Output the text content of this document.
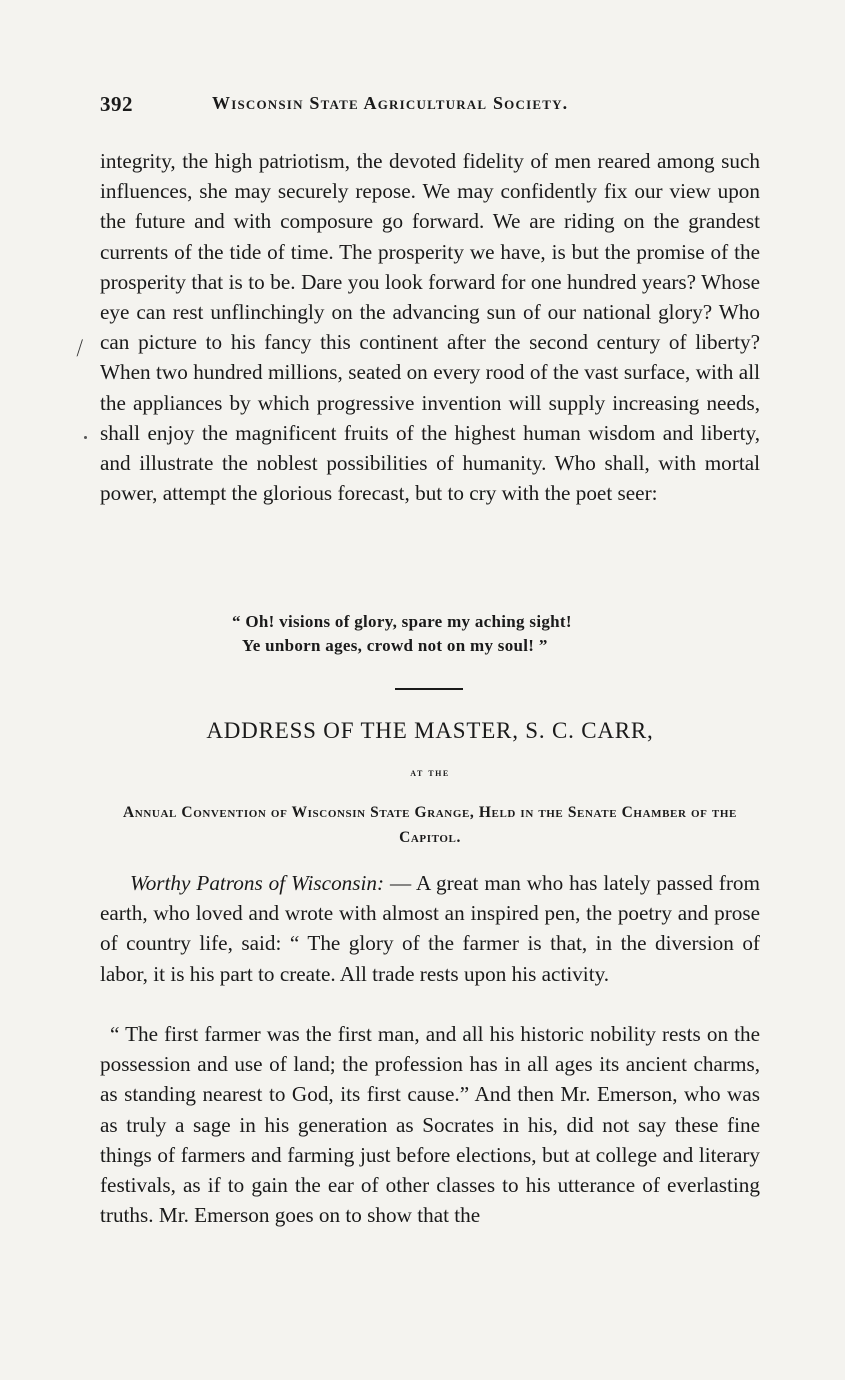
392	Wisconsin State Agricultural Society.
⁄

integrity, the high patriotism, the devoted fidelity of men reared among such influences, she may securely repose. We may confidently fix our view upon the future and with composure go forward. We are riding on the grandest currents of the tide of time. The prosperity we have, is but the promise of the prosperity that is to be. Dare you look forward for one hundred years? Whose eye can rest unflinchingly on the advancing sun of our national glory? Who can picture to his fancy this continent after the second century of liberty? When two hundred millions, seated on every rood of the vast surface, with all the appliances by which progressive invention will supply increasing needs, shall enjoy the magnificent fruits of the highest human wisdom and liberty, and illustrate the noblest possibilities of humanity. Who shall, with mortal power, attempt the glorious forecast, but to cry with the poet seer:

“ Oh! visions of glory, spare my aching sight!
Ye unborn ages, crowd not on my soul! ”
ADDRESS OF THE MASTER, S. C. CARR,
at the
Annual Convention of Wisconsin State Grange, Held in the Senate Chamber of the Capitol.

Worthy Patrons of Wisconsin: — A great man who has lately passed from earth, who loved and wrote with almost an inspired pen, the poetry and prose of country life, said: “ The glory of the farmer is that, in the diversion of labor, it is his part to create. All trade rests upon his activity.

“ The first farmer was the first man, and all his historic nobility rests on the possession and use of land; the profession has in all ages its ancient charms, as standing nearest to God, its first cause.” And then Mr. Emerson, who was as truly a sage in his generation as Socrates in his, did not say these fine things of farmers and farming just before elections, but at college and literary festivals, as if to gain the ear of other classes to his utterance of everlasting truths. Mr. Emerson goes on to show that the
